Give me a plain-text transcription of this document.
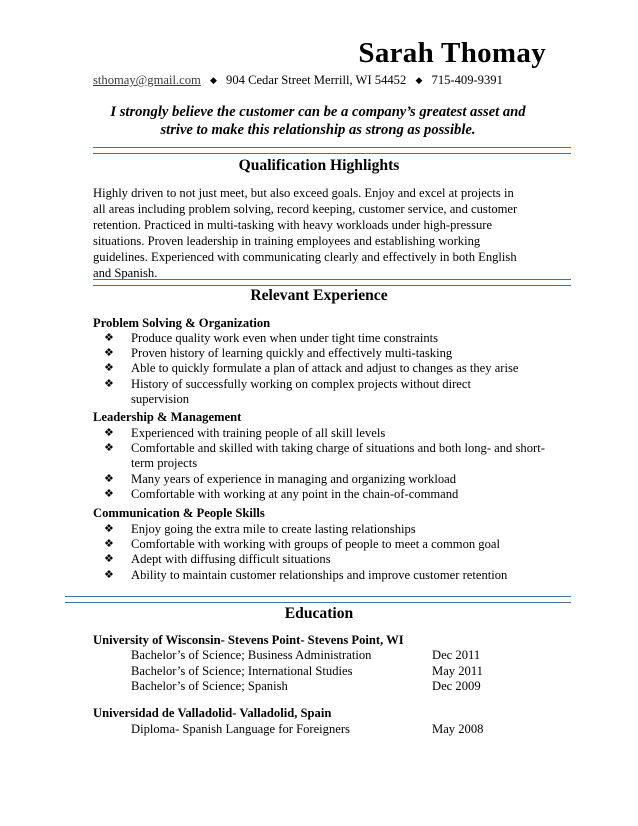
Sarah Thomay
sthomay@gmail.com ◆ 904 Cedar Street Merrill, WI 54452 ◆ 715-409-9391
I strongly believe the customer can be a company’s greatest asset and
strive to make this relationship as strong as possible.
Qualification Highlights
Highly driven to not just meet, but also exceed goals. Enjoy and excel at projects in
all areas including problem solving, record keeping, customer service, and customer
retention. Practiced in multi-tasking with heavy workloads under high-pressure
situations. Proven leadership in training employees and establishing working
guidelines. Experienced with communicating clearly and effectively in both English
and Spanish.
Relevant Experience
Problem Solving & Organization
❖ Produce quality work even when under tight time constraints
❖ Proven history of learning quickly and effectively multi-tasking
❖ Able to quickly formulate a plan of attack and adjust to changes as they arise
❖ History of successfully working on complex projects without direct supervision
Leadership & Management
❖ Experienced with training people of all skill levels
❖ Comfortable and skilled with taking charge of situations and both long- and short-term projects
❖ Many years of experience in managing and organizing workload
❖ Comfortable with working at any point in the chain-of-command
Communication & People Skills
❖ Enjoy going the extra mile to create lasting relationships
❖ Comfortable with working with groups of people to meet a common goal
❖ Adept with diffusing difficult situations
❖ Ability to maintain customer relationships and improve customer retention
Education
University of Wisconsin- Stevens Point- Stevens Point, WI
Bachelor’s of Science; Business Administration	Dec 2011
Bachelor’s of Science; International Studies	May 2011
Bachelor’s of Science; Spanish	Dec 2009
Universidad de Valladolid- Valladolid, Spain
Diploma- Spanish Language for Foreigners	May 2008
